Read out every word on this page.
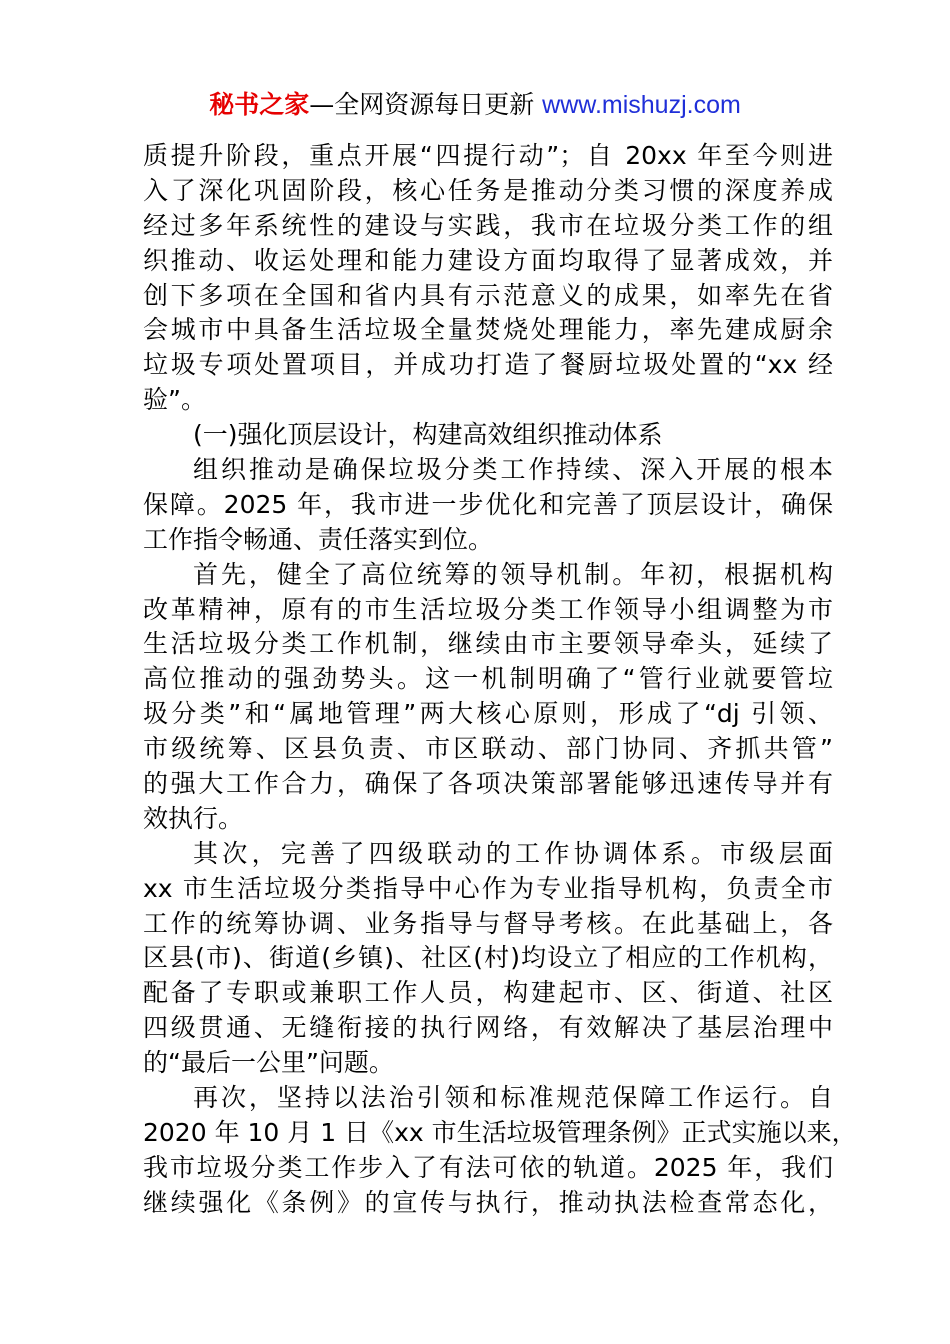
秘书之家—全网资源每日更新 www.mishuzj.com
质提升阶段，重点开展“四提行动”；自 20xx 年至今则进
入了深化巩固阶段，核心任务是推动分类习惯的深度养成
经过多年系统性的建设与实践，我市在垃圾分类工作的组
织推动、收运处理和能力建设方面均取得了显著成效，并
创下多项在全国和省内具有示范意义的成果，如率先在省
会城市中具备生活垃圾全量焚烧处理能力，率先建成厨余
垃圾专项处置项目，并成功打造了餐厨垃圾处置的“xx 经
验”。
(一)强化顶层设计，构建高效组织推动体系
组织推动是确保垃圾分类工作持续、深入开展的根本
保障。2025 年，我市进一步优化和完善了顶层设计，确保
工作指令畅通、责任落实到位。
首先，健全了高位统筹的领导机制。年初，根据机构
改革精神，原有的市生活垃圾分类工作领导小组调整为市
生活垃圾分类工作机制，继续由市主要领导牵头，延续了
高位推动的强劲势头。这一机制明确了“管行业就要管垃
圾分类”和“属地管理”两大核心原则，形成了“dj 引领、
市级统筹、区县负责、市区联动、部门协同、齐抓共管”
的强大工作合力，确保了各项决策部署能够迅速传导并有
效执行。
其次，完善了四级联动的工作协调体系。市级层面
xx 市生活垃圾分类指导中心作为专业指导机构，负责全市
工作的统筹协调、业务指导与督导考核。在此基础上，各
区县(市)、街道(乡镇)、社区(村)均设立了相应的工作机构，
配备了专职或兼职工作人员，构建起市、区、街道、社区
四级贯通、无缝衔接的执行网络，有效解决了基层治理中
的“最后一公里”问题。
再次，坚持以法治引领和标准规范保障工作运行。自
2020 年 10 月 1 日《xx 市生活垃圾管理条例》正式实施以来，
我市垃圾分类工作步入了有法可依的轨道。2025 年，我们
继续强化《条例》的宣传与执行，推动执法检查常态化，
